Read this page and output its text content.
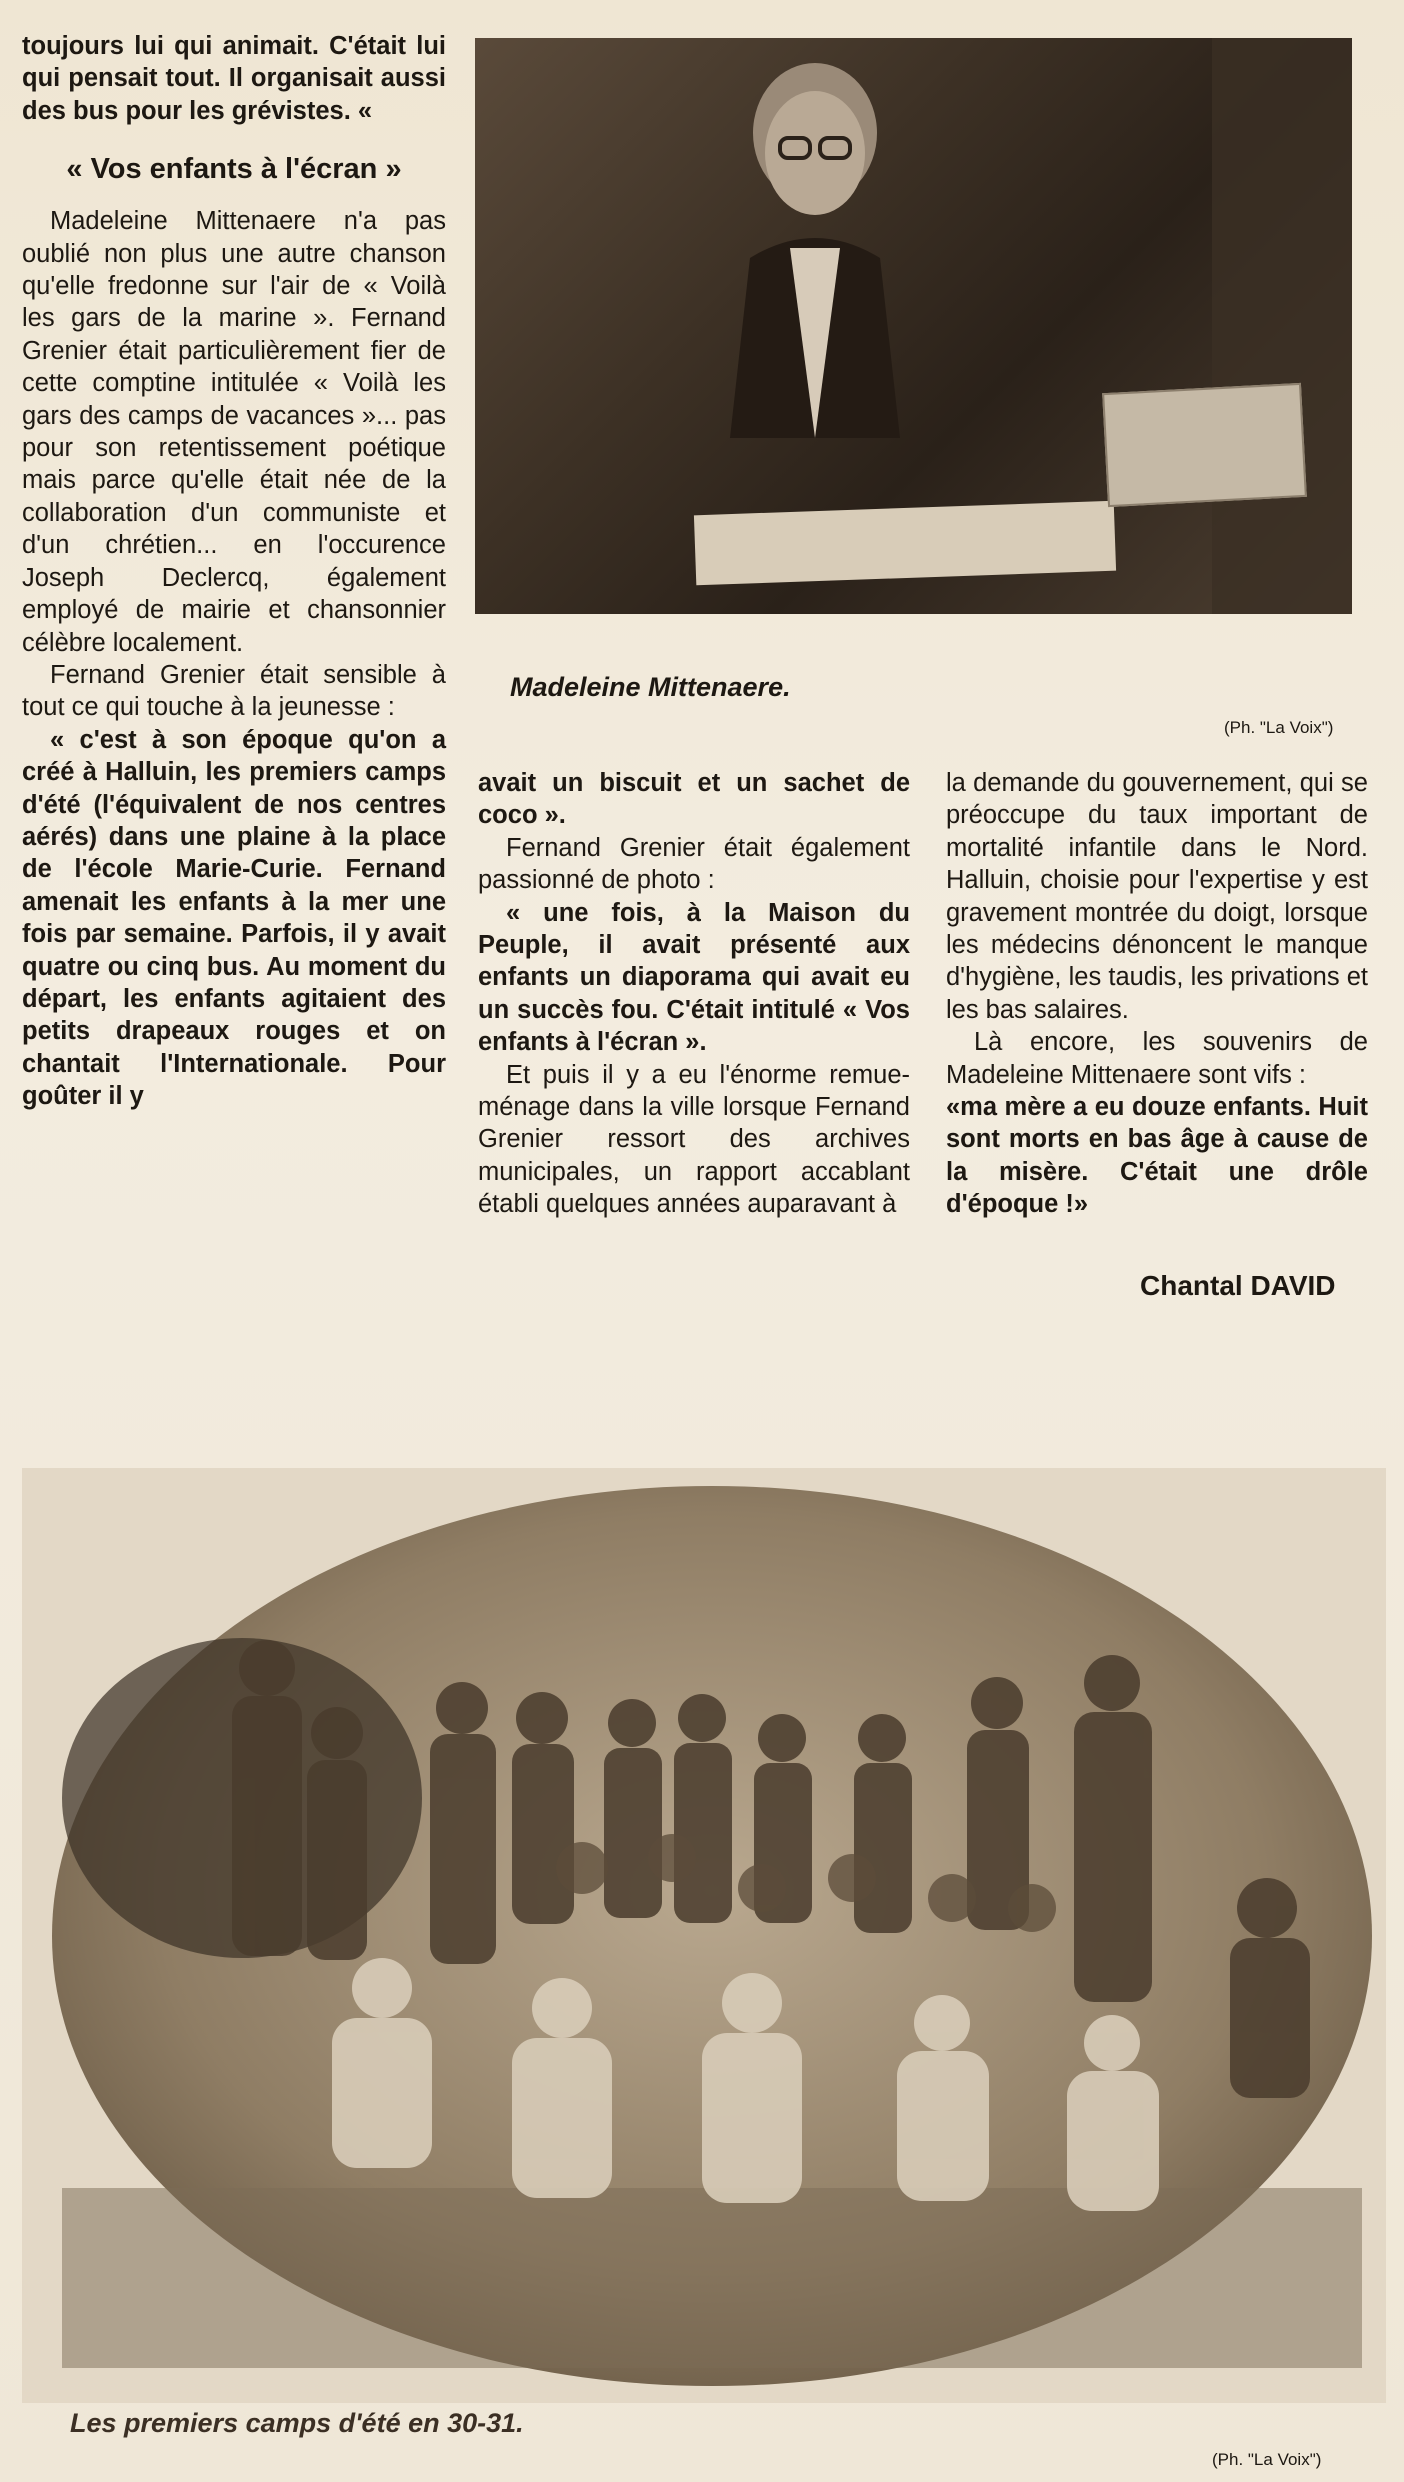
toujours lui qui animait. C'était lui qui pensait tout. Il organisait aussi des bus pour les grévistes. «

« Vos enfants à l'écran »

Madeleine Mittenaere n'a pas oublié non plus une autre chanson qu'elle fredonne sur l'air de « Voilà les gars de la marine ». Fernand Grenier était particulièrement fier de cette comptine intitulée « Voilà les gars des camps de vacances »... pas pour son retentissement poétique mais parce qu'elle était née de la collaboration d'un communiste et d'un chrétien... en l'occurence Joseph Declercq, également employé de mairie et chansonnier célèbre localement.

Fernand Grenier était sensible à tout ce qui touche à la jeunesse :

« c'est à son époque qu'on a créé à Halluin, les premiers camps d'été (l'équivalent de nos centres aérés) dans une plaine à la place de l'école Marie-Curie. Fernand amenait les enfants à la mer une fois par semaine. Parfois, il y avait quatre ou cinq bus. Au moment du départ, les enfants agitaient des petits drapeaux rouges et on chantait l'Internationale. Pour goûter il y

Madeleine Mittenaere.
(Ph. "La Voix")

avait un biscuit et un sachet de coco ».

Fernand Grenier était également passionné de photo :

« une fois, à la Maison du Peuple, il avait présenté aux enfants un diaporama qui avait eu un succès fou. C'était intitulé « Vos enfants à l'écran ».

Et puis il y a eu l'énorme remue-ménage dans la ville lorsque Fernand Grenier ressort des archives municipales, un rapport accablant établi quelques années auparavant à

la demande du gouvernement, qui se préoccupe du taux important de mortalité infantile dans le Nord. Halluin, choisie pour l'expertise y est gravement montrée du doigt, lorsque les médecins dénoncent le manque d'hygiène, les taudis, les privations et les bas salaires.

Là encore, les souvenirs de Madeleine Mittenaere sont vifs :

«ma mère a eu douze enfants. Huit sont morts en bas âge à cause de la misère. C'était une drôle d'époque !»

Chantal DAVID
Les premiers camps d'été en 30-31.
(Ph. "La Voix")
